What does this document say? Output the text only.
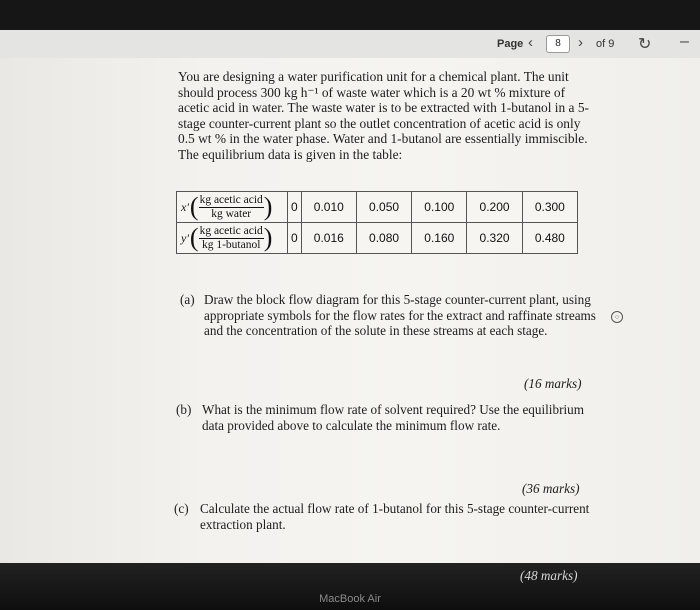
Page ‹	8	› of 9 ↻ –

You are designing a water purification unit for a chemical plant. The unit should process 300 kg h⁻¹ of waste water which is a 20 wt % mixture of acetic acid in water. The waste water is to be extracted with 1-butanol in a 5-stage counter-current plant so the outlet concentration of acetic acid is only 0.5 wt % in the water phase. Water and 1-butanol are essentially immiscible. The equilibrium data is given in the table:

x' ( $\frac{\text{kg acetic acid}}{\text{kg water}}$ )	0	0.010	0.050	0.100	0.200	0.300

y' ( $\frac{\text{kg acetic acid}}{\text{kg 1-butanol}}$ )	0	0.016	0.080	0.160	0.320	0.480
(a) Draw the block flow diagram for this 5-stage counter-current plant, using appropriate symbols for the flow rates for the extract and raffinate streams and the concentration of the solute in these streams at each stage.
○
(16 marks)
(b) What is the minimum flow rate of solvent required? Use the equilibrium data provided above to calculate the minimum flow rate.
(36 marks)
(c) Calculate the actual flow rate of 1-butanol for this 5-stage counter-current extraction plant.
MacBook Air
(48 marks)
